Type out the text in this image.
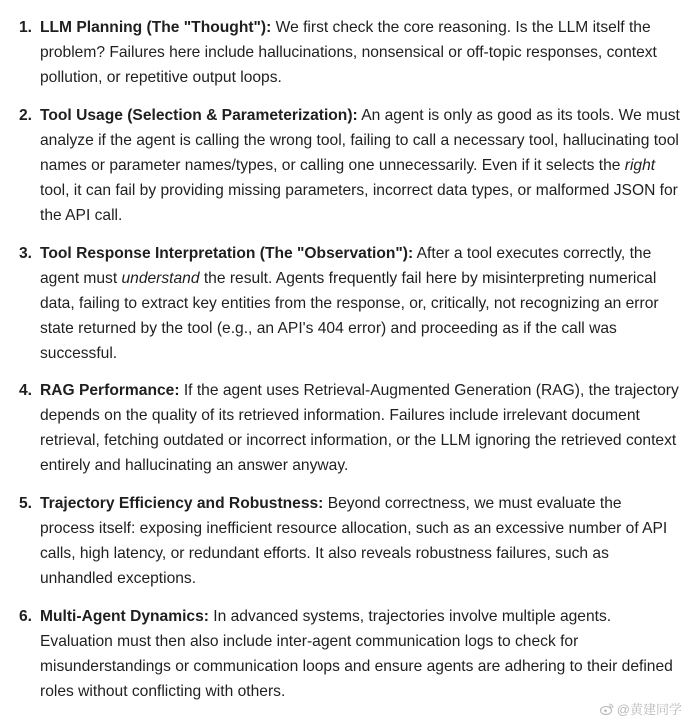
1. LLM Planning (The "Thought"): We first check the core reasoning. Is the LLM itself the problem? Failures here include hallucinations, nonsensical or off-topic responses, context pollution, or repetitive output loops.
2. Tool Usage (Selection & Parameterization): An agent is only as good as its tools. We must analyze if the agent is calling the wrong tool, failing to call a necessary tool, hallucinating tool names or parameter names/types, or calling one unnecessarily. Even if it selects the right tool, it can fail by providing missing parameters, incorrect data types, or malformed JSON for the API call.
3. Tool Response Interpretation (The "Observation"): After a tool executes correctly, the agent must understand the result. Agents frequently fail here by misinterpreting numerical data, failing to extract key entities from the response, or, critically, not recognizing an error state returned by the tool (e.g., an API's 404 error) and proceeding as if the call was successful.
4. RAG Performance: If the agent uses Retrieval-Augmented Generation (RAG), the trajectory depends on the quality of its retrieved information. Failures include irrelevant document retrieval, fetching outdated or incorrect information, or the LLM ignoring the retrieved context entirely and hallucinating an answer anyway.
5. Trajectory Efficiency and Robustness: Beyond correctness, we must evaluate the process itself: exposing inefficient resource allocation, such as an excessive number of API calls, high latency, or redundant efforts. It also reveals robustness failures, such as unhandled exceptions.
6. Multi-Agent Dynamics: In advanced systems, trajectories involve multiple agents. Evaluation must then also include inter-agent communication logs to check for misunderstandings or communication loops and ensure agents are adhering to their defined roles without conflicting with others.
@黄建同学
